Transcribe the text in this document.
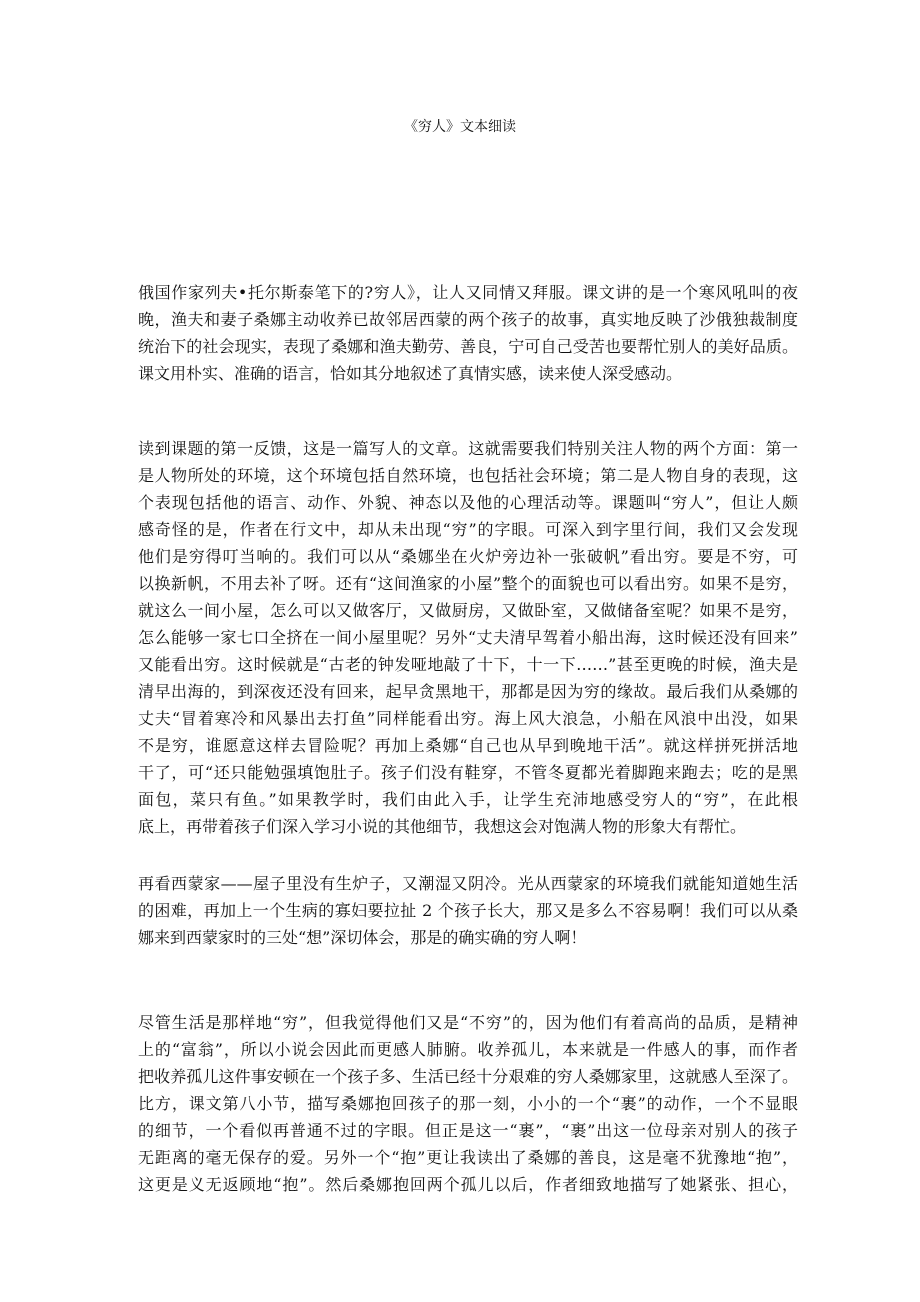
《穷人》文本细读
俄国作家列夫•托尔斯泰笔下的?穷人》，让人又同情又拜服。课文讲的是一个寒风吼叫的夜
晚，渔夫和妻子桑娜主动收养已故邻居西蒙的两个孩子的故事，真实地反映了沙俄独裁制度
统治下的社会现实，表现了桑娜和渔夫勤劳、善良，宁可自己受苦也要帮忙别人的美好品质。
课文用朴实、准确的语言，恰如其分地叙述了真情实感，读来使人深受感动。
读到课题的第一反馈，这是一篇写人的文章。这就需要我们特别关注人物的两个方面：第一
是人物所处的环境，这个环境包括自然环境，也包括社会环境；第二是人物自身的表现，这
个表现包括他的语言、动作、外貌、神态以及他的心理活动等。课题叫“穷人”，但让人颇
感奇怪的是，作者在行文中，却从未出现“穷”的字眼。可深入到字里行间，我们又会发现
他们是穷得叮当响的。我们可以从“桑娜坐在火炉旁边补一张破帆”看出穷。要是不穷，可
以换新帆，不用去补了呀。还有“这间渔家的小屋”整个的面貌也可以看出穷。如果不是穷，
就这么一间小屋，怎么可以又做客厅，又做厨房，又做卧室，又做储备室呢？如果不是穷，
怎么能够一家七口全挤在一间小屋里呢？另外“丈夫清早驾着小船出海，这时候还没有回来”
又能看出穷。这时候就是“古老的钟发哑地敲了十下，十一下……”甚至更晚的时候，渔夫是
清早出海的，到深夜还没有回来，起早贪黑地干，那都是因为穷的缘故。最后我们从桑娜的
丈夫“冒着寒冷和风暴出去打鱼”同样能看出穷。海上风大浪急，小船在风浪中出没，如果
不是穷，谁愿意这样去冒险呢？再加上桑娜“自己也从早到晚地干活”。就这样拼死拼活地
干了，可“还只能勉强填饱肚子。孩子们没有鞋穿，不管冬夏都光着脚跑来跑去；吃的是黑
面包，菜只有鱼。”如果教学时，我们由此入手，让学生充沛地感受穷人的“穷”，在此根
底上，再带着孩子们深入学习小说的其他细节，我想这会对饱满人物的形象大有帮忙。
再看西蒙家——屋子里没有生炉子，又潮湿又阴冷。光从西蒙家的环境我们就能知道她生活
的困难，再加上一个生病的寡妇要拉扯 2 个孩子长大，那又是多么不容易啊！我们可以从桑
娜来到西蒙家时的三处“想”深切体会，那是的确实确的穷人啊！
尽管生活是那样地“穷”，但我觉得他们又是“不穷”的，因为他们有着高尚的品质，是精神
上的“富翁”，所以小说会因此而更感人肺腑。收养孤儿，本来就是一件感人的事，而作者
把收养孤儿这件事安顿在一个孩子多、生活已经十分艰难的穷人桑娜家里，这就感人至深了。
比方，课文第八小节，描写桑娜抱回孩子的那一刻，小小的一个“裹”的动作，一个不显眼
的细节，一个看似再普通不过的字眼。但正是这一“裹”，“裹”出这一位母亲对别人的孩子
无距离的毫无保存的爱。另外一个“抱”更让我读出了桑娜的善良，这是毫不犹豫地“抱”，
这更是义无返顾地“抱”。然后桑娜抱回两个孤儿以后，作者细致地描写了她紧张、担心，
